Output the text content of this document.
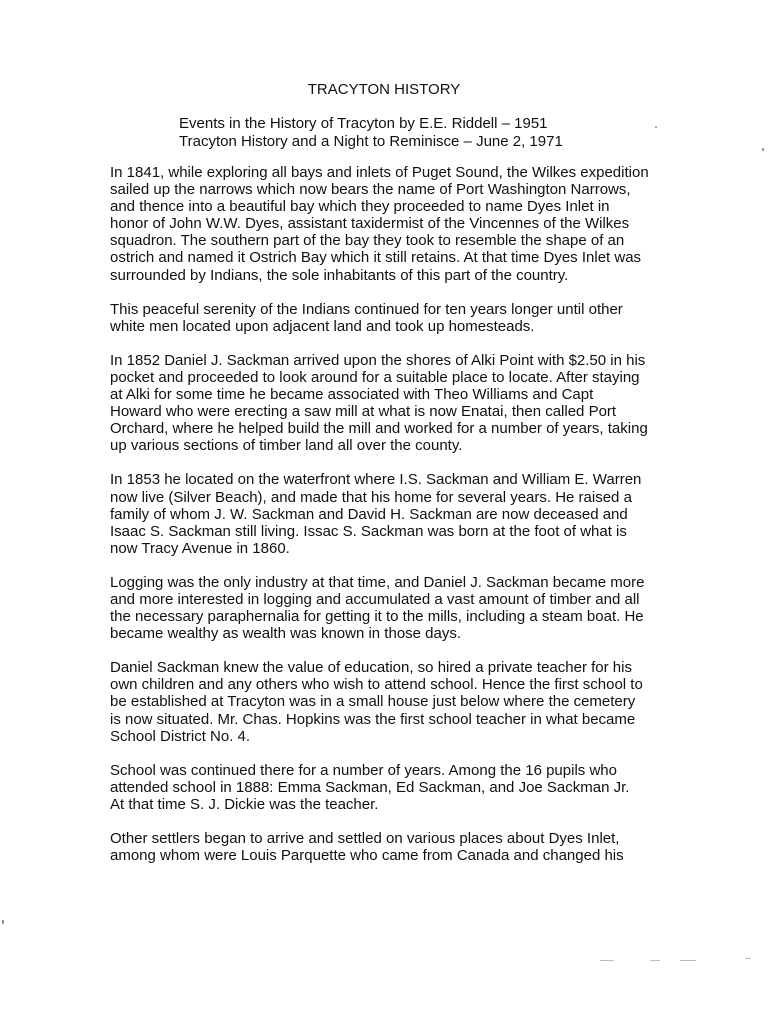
TRACYTON HISTORY
Events in the History of Tracyton by E.E. Riddell – 1951
Tracyton History and a Night to Reminisce – June 2, 1971
In 1841, while exploring all bays and inlets of Puget Sound, the Wilkes expedition
sailed up the narrows which now bears the name of Port Washington Narrows,
and thence into a beautiful bay which they proceeded to name Dyes Inlet in
honor of John W.W. Dyes, assistant taxidermist of the Vincennes of the Wilkes
squadron. The southern part of the bay they took to resemble the shape of an
ostrich and named it Ostrich Bay which it still retains. At that time Dyes Inlet was
surrounded by Indians, the sole inhabitants of this part of the country.
This peaceful serenity of the Indians continued for ten years longer until other
white men located upon adjacent land and took up homesteads.
In 1852 Daniel J. Sackman arrived upon the shores of Alki Point with $2.50 in his
pocket and proceeded to look around for a suitable place to locate. After staying
at Alki for some time he became associated with Theo Williams and Capt
Howard who were erecting a saw mill at what is now Enatai, then called Port
Orchard, where he helped build the mill and worked for a number of years, taking
up various sections of timber land all over the county.
In 1853 he located on the waterfront where I.S. Sackman and William E. Warren
now live (Silver Beach), and made that his home for several years. He raised a
family of whom J. W. Sackman and David H. Sackman are now deceased and
Isaac S. Sackman still living. Issac S. Sackman was born at the foot of what is
now Tracy Avenue in 1860.
Logging was the only industry at that time, and Daniel J. Sackman became more
and more interested in logging and accumulated a vast amount of timber and all
the necessary paraphernalia for getting it to the mills, including a steam boat. He
became wealthy as wealth was known in those days.
Daniel Sackman knew the value of education, so hired a private teacher for his
own children and any others who wish to attend school. Hence the first school to
be established at Tracyton was in a small house just below where the cemetery
is now situated. Mr. Chas. Hopkins was the first school teacher in what became
School District No. 4.
School was continued there for a number of years. Among the 16 pupils who
attended school in 1888: Emma Sackman, Ed Sackman, and Joe Sackman Jr.
At that time S. J. Dickie was the teacher.
Other settlers began to arrive and settled on various places about Dyes Inlet,
among whom were Louis Parquette who came from Canada and changed his
